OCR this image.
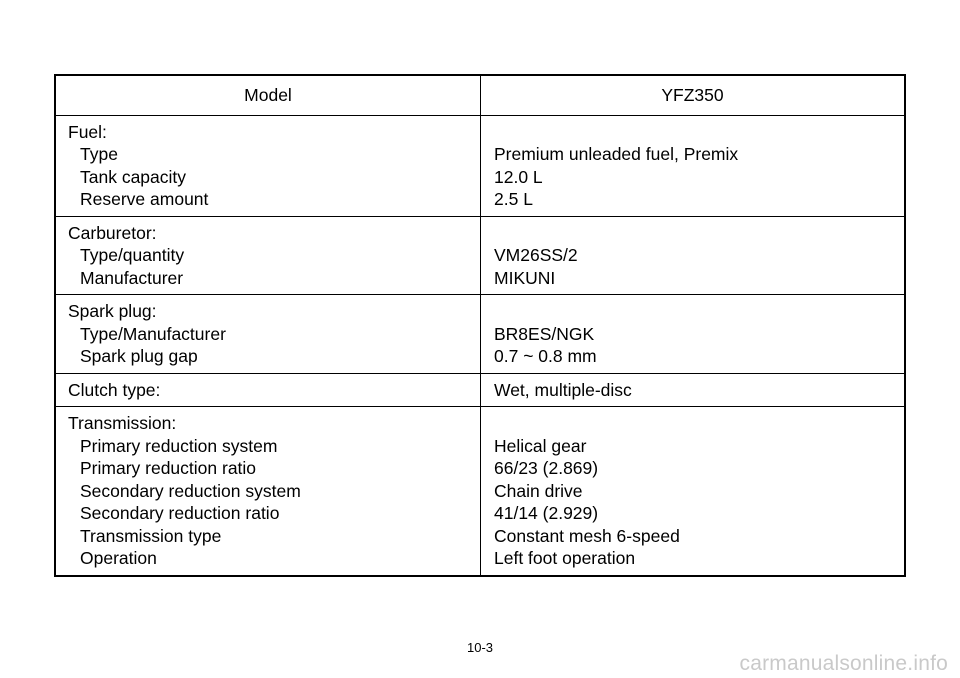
Model	YFZ350
Fuel:
Type
Tank capacity
Reserve amount
Premium unleaded fuel, Premix
12.0 L
2.5 L
Carburetor:
Type/quantity
Manufacturer
VM26SS/2
MIKUNI
Spark plug:
Type/Manufacturer
Spark plug gap
BR8ES/NGK
0.7 ~ 0.8 mm
Clutch type:	Wet, multiple-disc
Transmission:
Primary reduction system
Primary reduction ratio
Secondary reduction system
Secondary reduction ratio
Transmission type
Operation
Helical gear
66/23 (2.869)
Chain drive
41/14 (2.929)
Constant mesh 6-speed
Left foot operation
10-3
carmanualsonline.info
